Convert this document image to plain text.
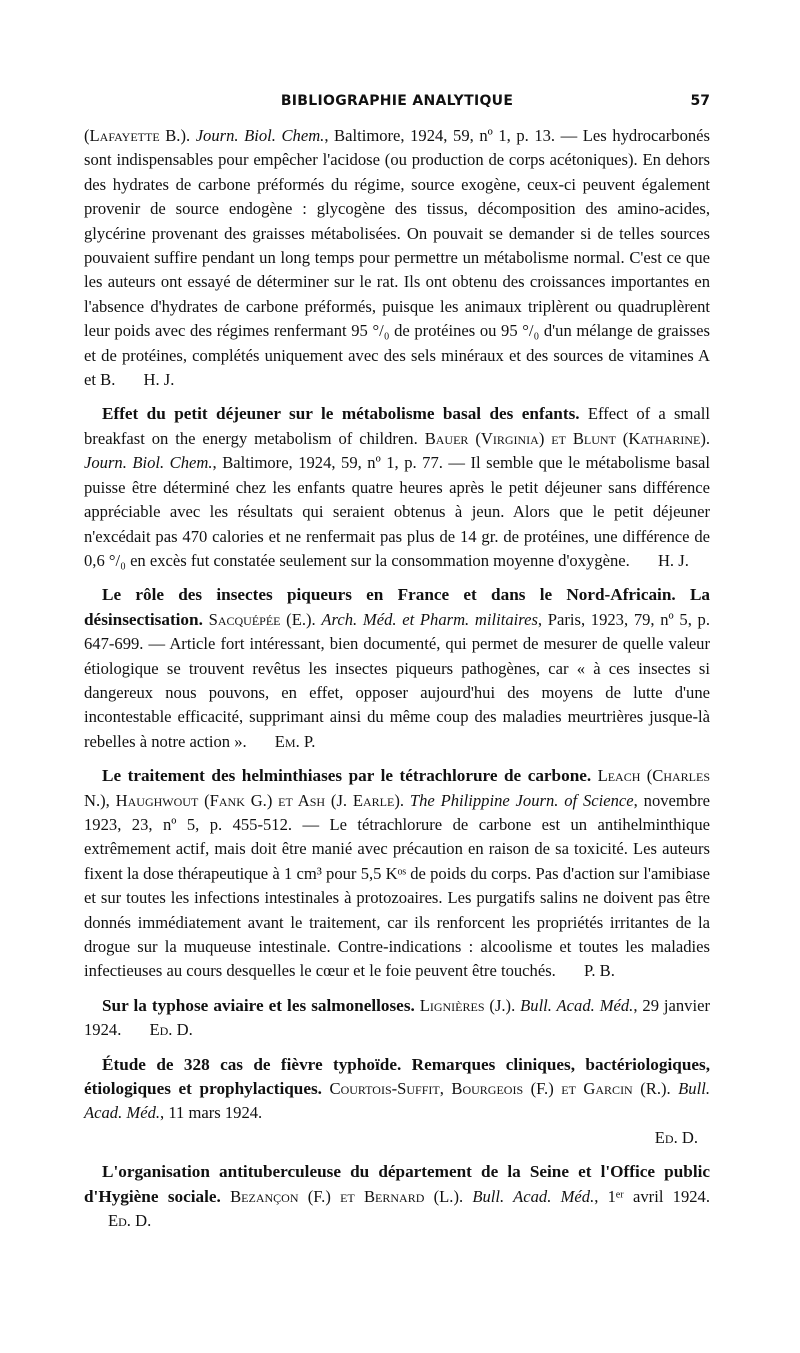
BIBLIOGRAPHIE ANALYTIQUE	57

(Lafayette B.). Journ. Biol. Chem., Baltimore, 1924, 59, nº 1, p. 13. — Les hydrocarbonés sont indispensables pour empêcher l'acidose (ou production de corps acétoniques). En dehors des hydrates de carbone préformés du régime, source exogène, ceux-ci peuvent également provenir de source endogène : glycogène des tissus, décomposition des amino-acides, glycérine provenant des graisses métabolisées. On pouvait se demander si de telles sources pouvaient suffire pendant un long temps pour permettre un métabolisme normal. C'est ce que les auteurs ont essayé de déterminer sur le rat. Ils ont obtenu des croissances importantes en l'absence d'hydrates de carbone préformés, puisque les animaux triplèrent ou quadruplèrent leur poids avec des régimes renfermant 95 °/₀ de protéines ou 95 °/₀ d'un mélange de graisses et de protéines, complétés uniquement avec des sels minéraux et des sources de vitamines A et B. H. J.

Effet du petit déjeuner sur le métabolisme basal des enfants. Effect of a small breakfast on the energy metabolism of children. Bauer (Virginia) et Blunt (Katharine). Journ. Biol. Chem., Baltimore, 1924, 59, nº 1, p. 77. — Il semble que le métabolisme basal puisse être déterminé chez les enfants quatre heures après le petit déjeuner sans différence appréciable avec les résultats qui seraient obtenus à jeun. Alors que le petit déjeuner n'excédait pas 470 calories et ne renfermait pas plus de 14 gr. de protéines, une différence de 0,6 °/₀ en excès fut constatée seulement sur la consommation moyenne d'oxygène. H. J.

Le rôle des insectes piqueurs en France et dans le Nord-Africain. La désinsectisation. Sacquépée (E.). Arch. Méd. et Pharm. militaires, Paris, 1923, 79, nº 5, p. 647-699. — Article fort intéressant, bien documenté, qui permet de mesurer de quelle valeur étiologique se trouvent revêtus les insectes piqueurs pathogènes, car « à ces insectes si dangereux nous pouvons, en effet, opposer aujourd'hui des moyens de lutte d'une incontestable efficacité, supprimant ainsi du même coup des maladies meurtrières jusque-là rebelles à notre action ». Em. P.

Le traitement des helminthiases par le tétrachlorure de carbone. Leach (Charles N.), Haughwout (Fank G.) et Ash (J. Earle). The Philippine Journ. of Science, novembre 1923, 23, nº 5, p. 455-512. — Le tétrachlorure de carbone est un antihelminthique extrêmement actif, mais doit être manié avec précaution en raison de sa toxicité. Les auteurs fixent la dose thérapeutique à 1 cm³ pour 5,5 Kᵒˢ de poids du corps. Pas d'action sur l'amibiase et sur toutes les infections intestinales à protozoaires. Les purgatifs salins ne doivent pas être donnés immédiatement avant le traitement, car ils renforcent les propriétés irritantes de la drogue sur la muqueuse intestinale. Contre-indications : alcoolisme et toutes les maladies infectieuses au cours desquelles le cœur et le foie peuvent être touchés. P. B.

Sur la typhose aviaire et les salmonelloses. Lignières (J.). Bull. Acad. Méd., 29 janvier 1924. Ed. D.

Étude de 328 cas de fièvre typhoïde. Remarques cliniques, bactériologiques, étiologiques et prophylactiques. Courtois-Suffit, Bourgeois (F.) et Garcin (R.). Bull. Acad. Méd., 11 mars 1924.
Ed. D.

L'organisation antituberculeuse du département de la Seine et l'Office public d'Hygiène sociale. Bezançon (F.) et Bernard (L.). Bull. Acad. Méd., 1ᵉʳ avril 1924. Ed. D.
